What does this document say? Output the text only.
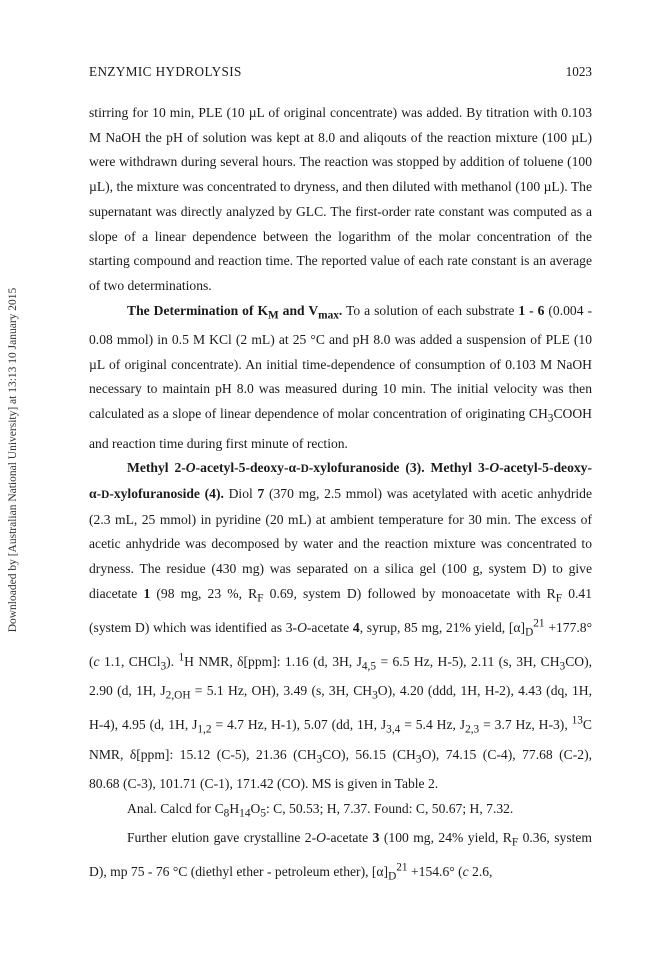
Downloaded by [Australian National University] at 13:13 10 January 2015
ENZYMIC HYDROLYSIS	1023

stirring for 10 min, PLE (10 µL of original concentrate) was added. By titration with 0.103 M NaOH the pH of solution was kept at 8.0 and aliqouts of the reaction mixture (100 µL) were withdrawn during several hours. The reaction was stopped by addition of toluene (100 µL), the mixture was concentrated to dryness, and then diluted with methanol (100 µL). The supernatant was directly analyzed by GLC. The first-order rate constant was computed as a slope of a linear dependence between the logarithm of the molar concentration of the starting compound and reaction time. The reported value of each rate constant is an average of two determinations.

The Determination of $K_M$ and $V_{max}$. To a solution of each substrate 1 - 6 (0.004 - 0.08 mmol) in 0.5 M KCl (2 mL) at 25 °C and pH 8.0 was added a suspension of PLE (10 µL of original concentrate). An initial time-dependence of consumption of 0.103 M NaOH necessary to maintain pH 8.0 was measured during 10 min. The initial velocity was then calculated as a slope of linear dependence of molar concentration of originating $CH_3COOH$ and reaction time during first minute of rection.

Methyl 2-O-acetyl-5-deoxy-α-D-xylofuranoside (3). Methyl 3-O-acetyl-5-deoxy-α-D-xylofuranoside (4). Diol 7 (370 mg, 2.5 mmol) was acetylated with acetic anhydride (2.3 mL, 25 mmol) in pyridine (20 mL) at ambient temperature for 30 min. The excess of acetic anhydride was decomposed by water and the reaction mixture was concentrated to dryness. The residue (430 mg) was separated on a silica gel (100 g, system D) to give diacetate 1 (98 mg, 23 %, $R_F$ 0.69, system D) followed by monoacetate with $R_F$ 0.41 (system D) which was identified as 3-O-acetate 4, syrup, 85 mg, 21% yield, $[\alpha]_D^{21} +177.8^\circ$ (c 1.1, CHCl$_3$). $^1$H NMR, δ[ppm]: 1.16 (d, 3H, $J_{4,5} = 6.5$ Hz, H-5), 2.11 (s, 3H, $CH_3CO$), 2.90 (d, 1H, $J_{2,OH} = 5.1$ Hz, OH), 3.49 (s, 3H, $CH_3O$), 4.20 (ddd, 1H, H-2), 4.43 (dq, 1H, H-4), 4.95 (d, 1H, $J_{1,2} = 4.7$ Hz, H-1), 5.07 (dd, 1H, $J_{3,4} = 5.4$ Hz, $J_{2,3} = 3.7$ Hz, H-3), $^{13}$C NMR, δ[ppm]: 15.12 (C-5), 21.36 $(CH_3CO)$, 56.15 $(CH_3O)$, 74.15 (C-4), 77.68 (C-2), 80.68 (C-3), 101.71 (C-1), 171.42 (CO). MS is given in Table 2.

Anal. Calcd for $C_8H_{14}O_5$: C, 50.53; H, 7.37. Found: C, 50.67; H, 7.32.

Further elution gave crystalline 2-O-acetate 3 (100 mg, 24% yield, $R_F$ 0.36, system D), mp 75 - 76 °C (diethyl ether - petroleum ether), $[\alpha]_D^{21} +154.6^\circ$ (c 2.6,
